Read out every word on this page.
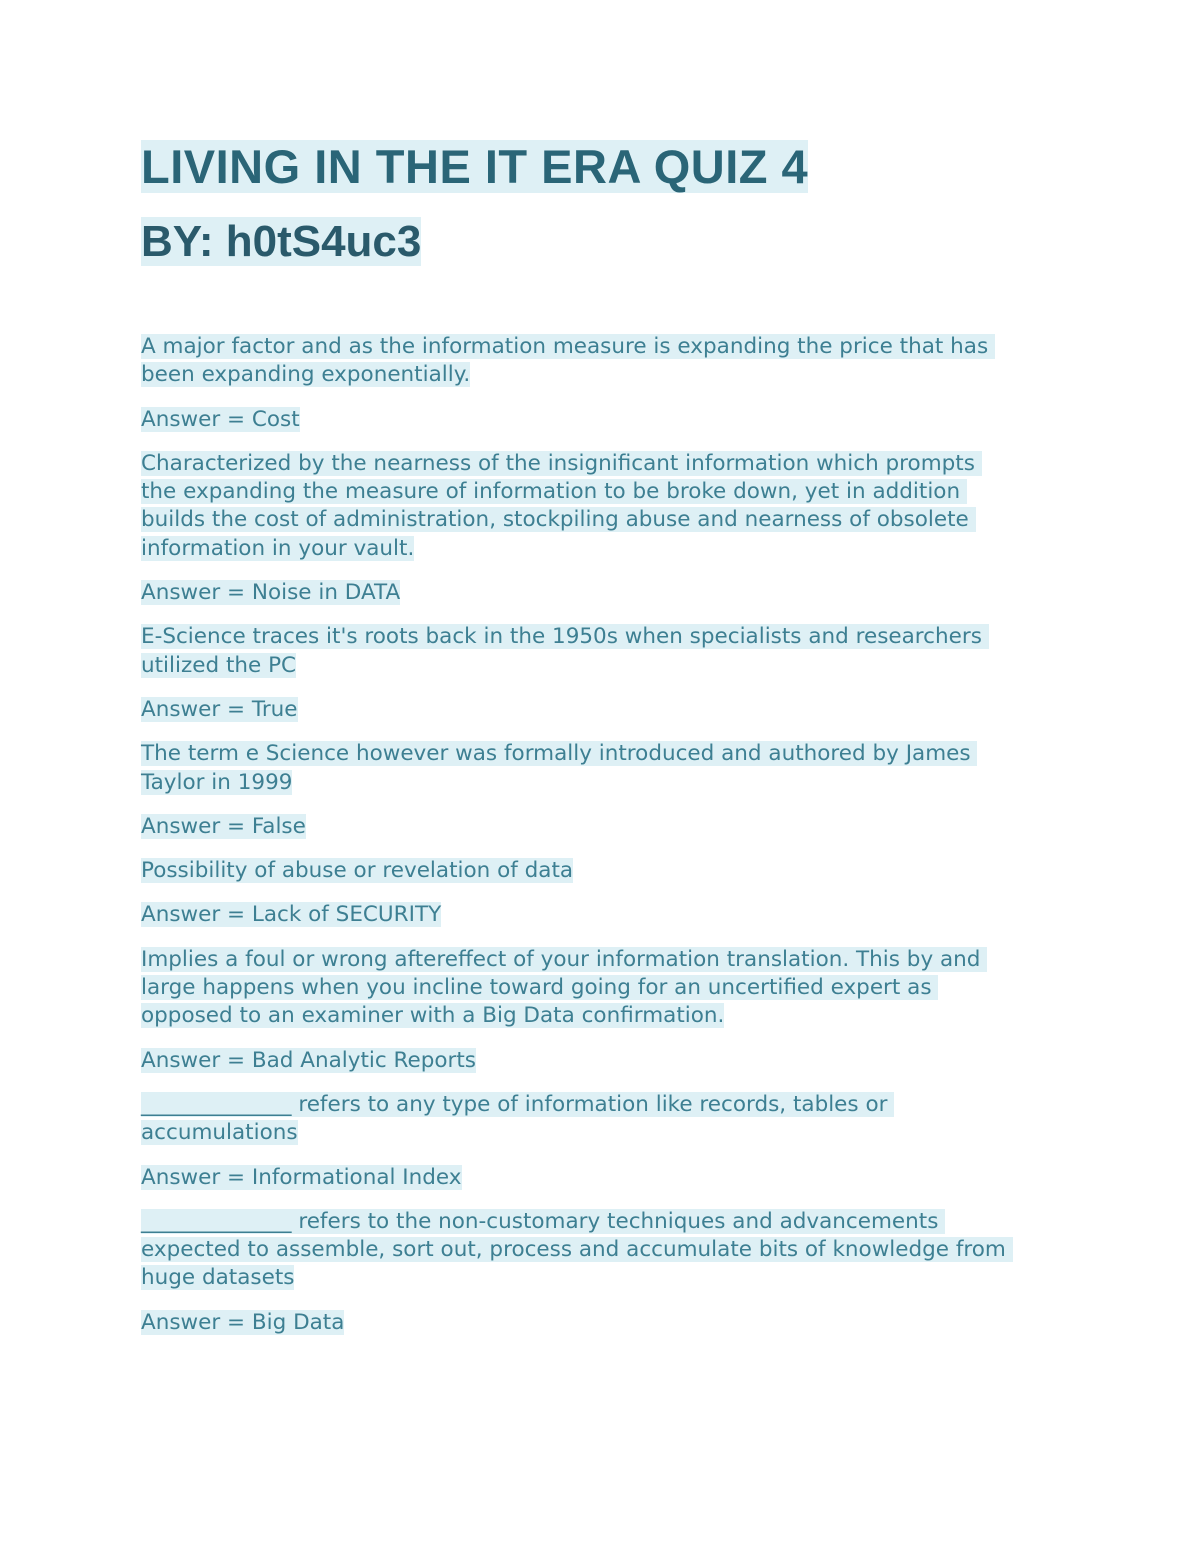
LIVING IN THE IT ERA QUIZ 4
BY: h0tS4uc3

A major factor and as the information measure is expanding the price that has
been expanding exponentially.

Answer = Cost

Characterized by the nearness of the insignificant information which prompts
the expanding the measure of information to be broke down, yet in addition
builds the cost of administration, stockpiling abuse and nearness of obsolete
information in your vault.

Answer = Noise in DATA

E-Science traces it's roots back in the 1950s when specialists and researchers
utilized the PC

Answer = True

The term e Science however was formally introduced and authored by James
Taylor in 1999

Answer = False

Possibility of abuse or revelation of data

Answer = Lack of SECURITY

Implies a foul or wrong aftereffect of your information translation. This by and
large happens when you incline toward going for an uncertified expert as
opposed to an examiner with a Big Data confirmation.

Answer = Bad Analytic Reports

______________ refers to any type of information like records, tables or
accumulations

Answer = Informational Index

______________ refers to the non-customary techniques and advancements
expected to assemble, sort out, process and accumulate bits of knowledge from
huge datasets

Answer = Big Data
